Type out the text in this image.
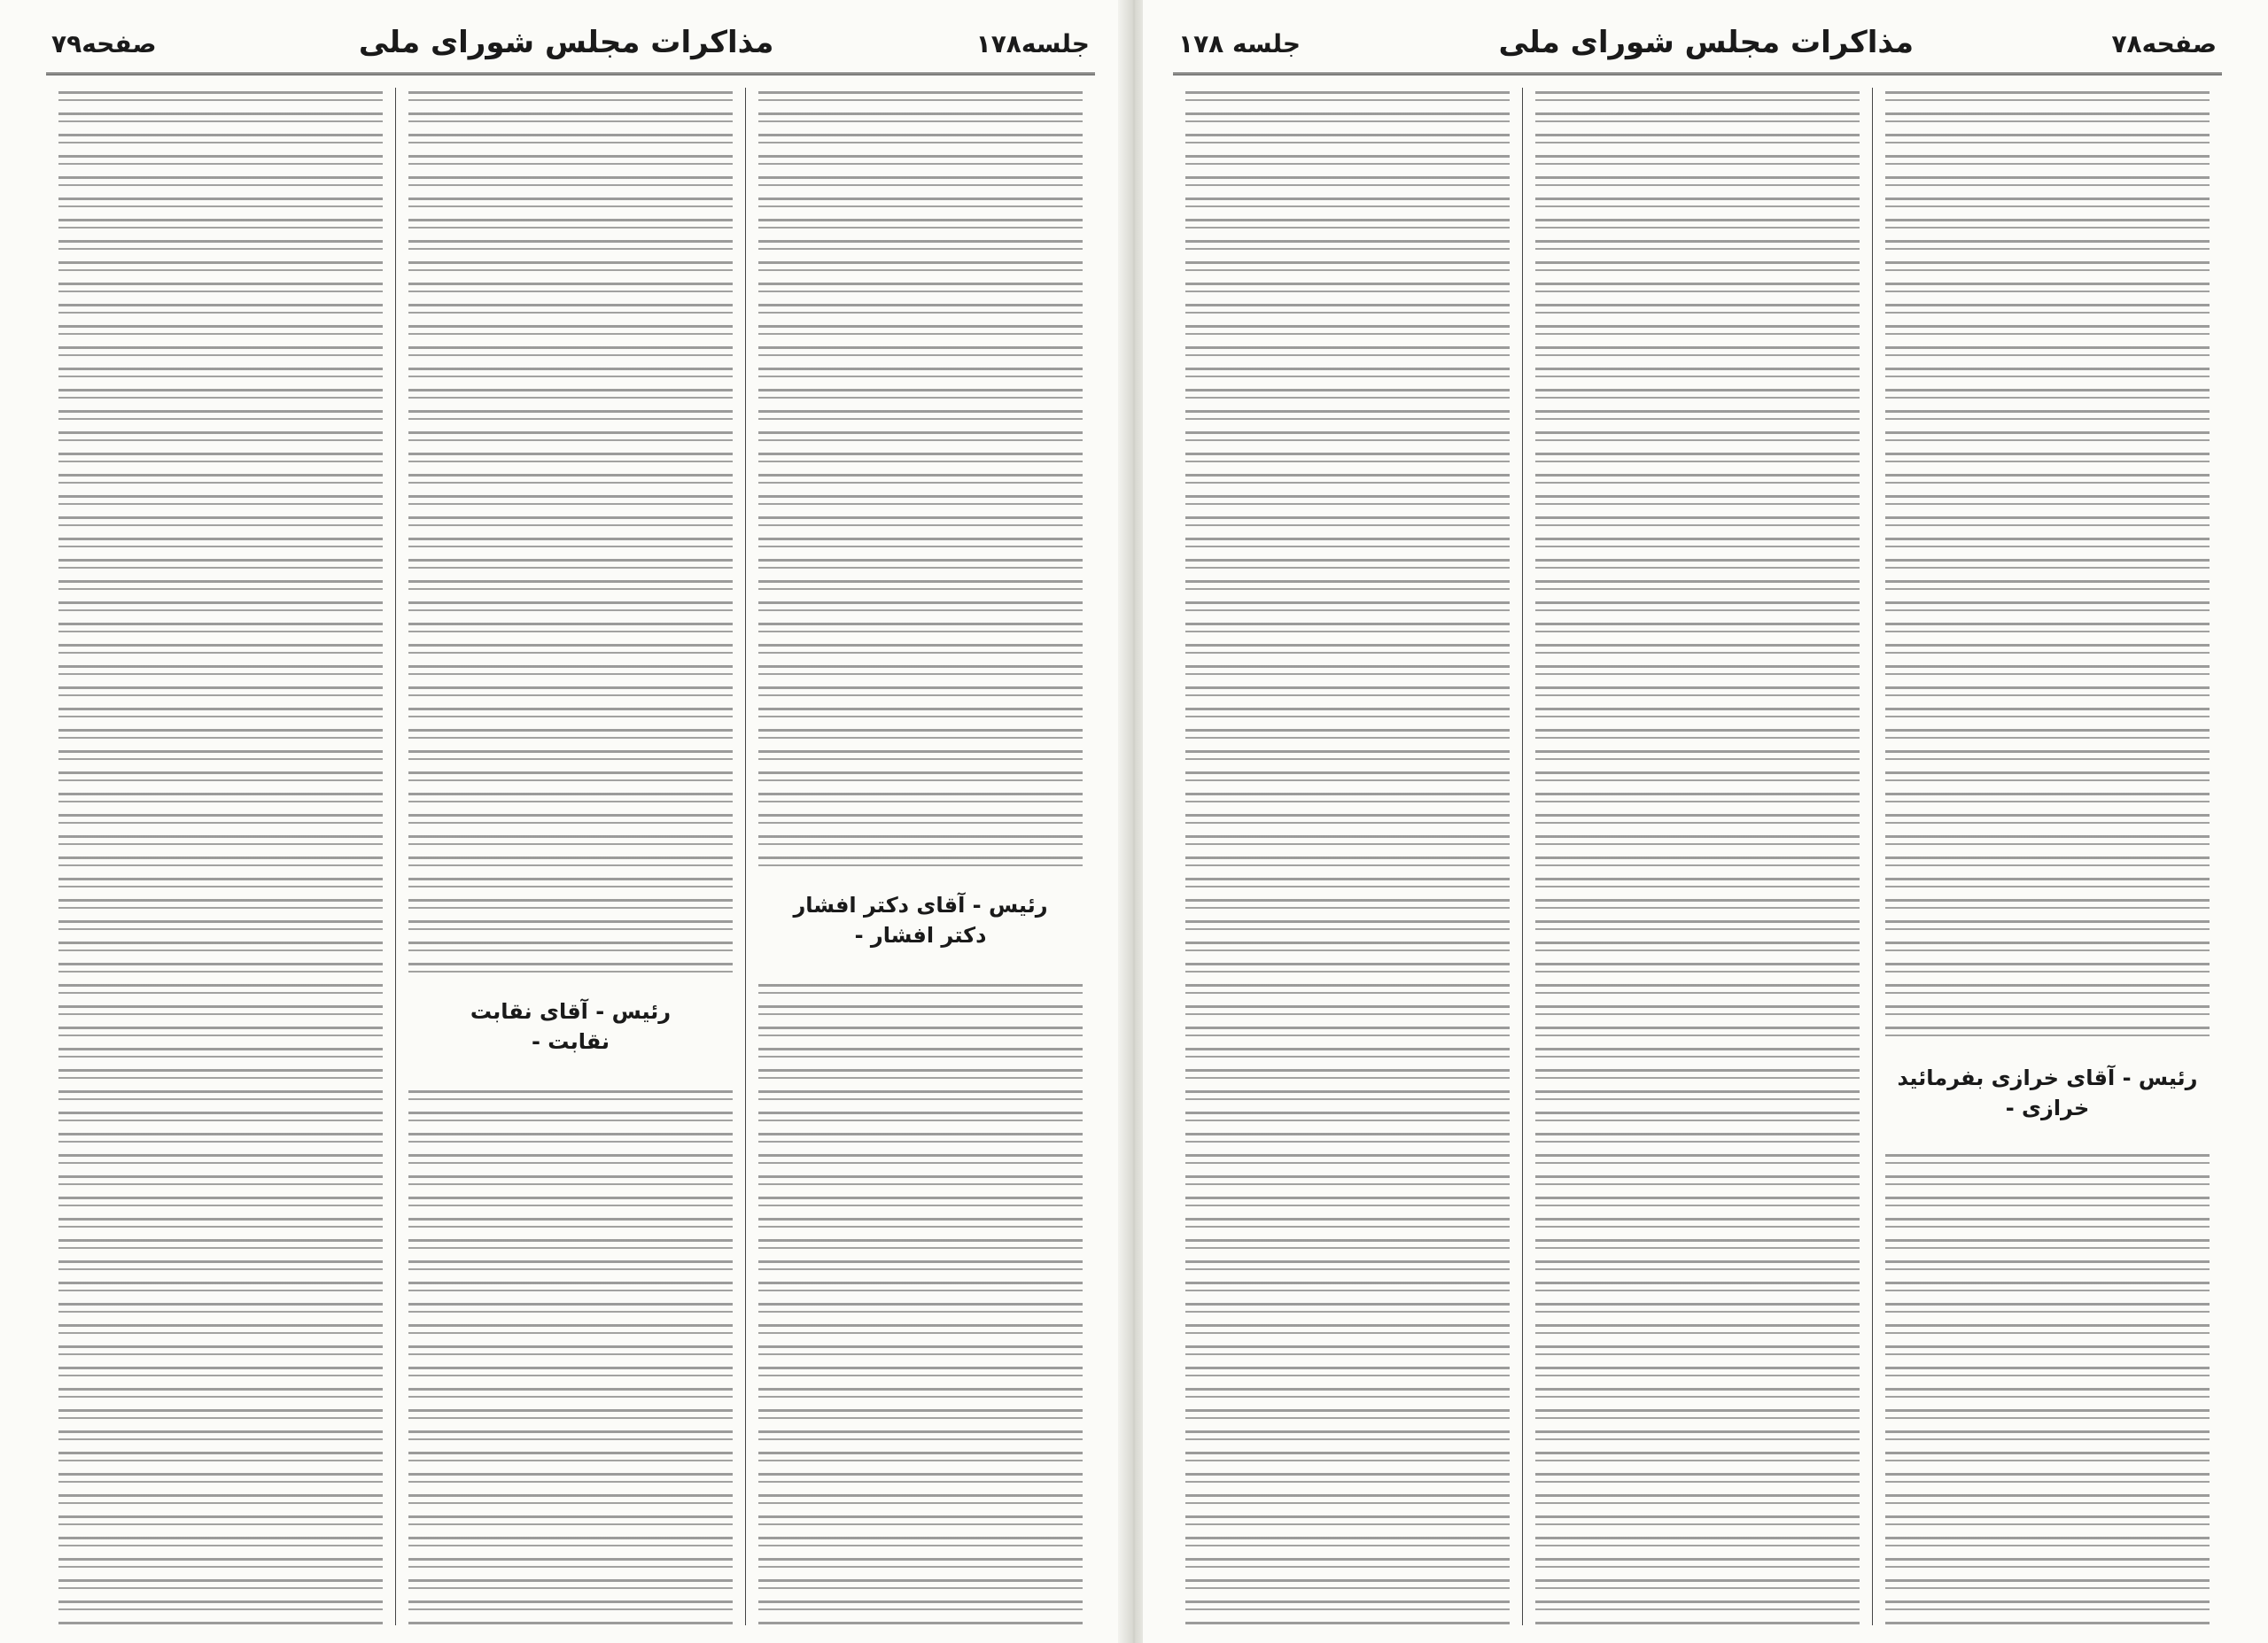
جلسه۱۷۸
مذاکرات مجلس شورای ملی
صفحه۷۹
رئیس - آقای دکتر افشار
دکتر افشار -
رئیس - آقای نقابت
نقابت -
صفحه۷۸
مذاکرات مجلس شورای ملی
جلسه ۱۷۸
رئیس - آقای خرازی بفرمائید
خرازی -
